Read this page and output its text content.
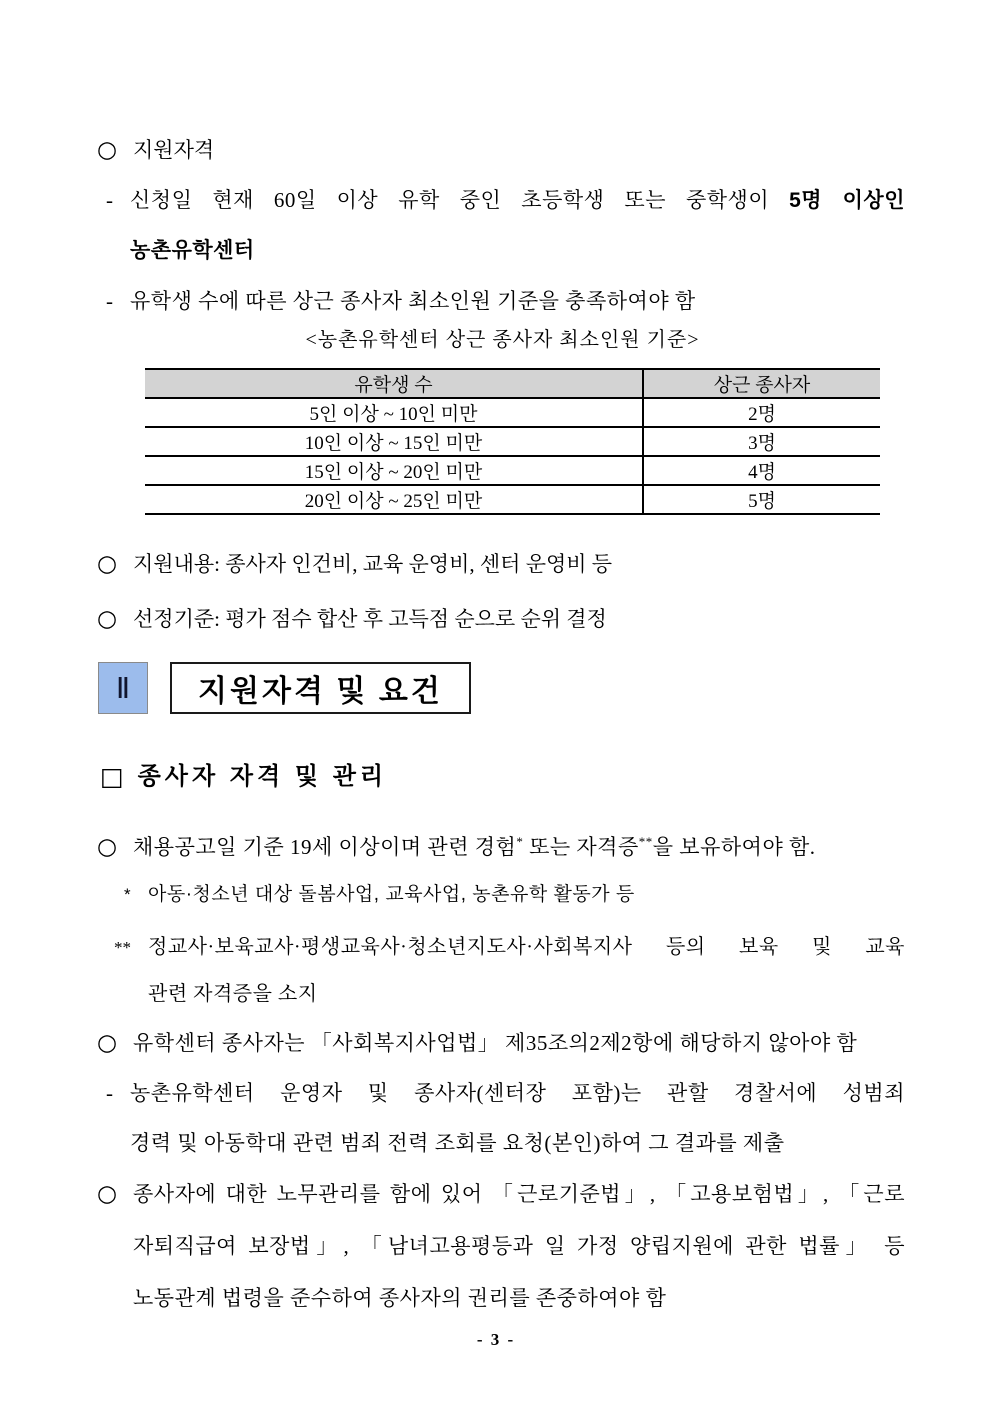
○ 지원자격
- 신청일 현재 60일 이상 유학 중인 초등학생 또는 중학생이 5명 이상인
농촌유학센터
- 유학생 수에 따른 상근 종사자 최소인원 기준을 충족하여야 함
<농촌유학센터 상근 종사자 최소인원 기준>
유학생 수	상근 종사자
5인 이상 ~ 10인 미만	2명
10인 이상 ~ 15인 미만	3명
15인 이상 ~ 20인 미만	4명
20인 이상 ~ 25인 미만	5명
○ 지원내용: 종사자 인건비, 교육 운영비, 센터 운영비 등
○ 선정기준: 평가 점수 합산 후 고득점 순으로 순위 결정
Ⅱ	지원자격 및 요건
□ 종사자 자격 및 관리
○ 채용공고일 기준 19세 이상이며 관련 경험* 또는 자격증**을 보유하여야 함.
* 아동·청소년 대상 돌봄사업, 교육사업, 농촌유학 활동가 등
** 정교사·보육교사·평생교육사·청소년지도사·사회복지사 등의 보육 및 교육
관련 자격증을 소지
○ 유학센터 종사자는 「사회복지사업법」 제35조의2제2항에 해당하지 않아야 함
- 농촌유학센터 운영자 및 종사자(센터장 포함)는 관할 경찰서에 성범죄
경력 및 아동학대 관련 범죄 전력 조회를 요청(본인)하여 그 결과를 제출
○ 종사자에 대한 노무관리를 함에 있어 「근로기준법」, 「고용보험법」, 「근로
자퇴직급여 보장법」, 「남녀고용평등과 일 가정 양립지원에 관한 법률」 등
노동관계 법령을 준수하여 종사자의 권리를 존중하여야 함
- 3 -
